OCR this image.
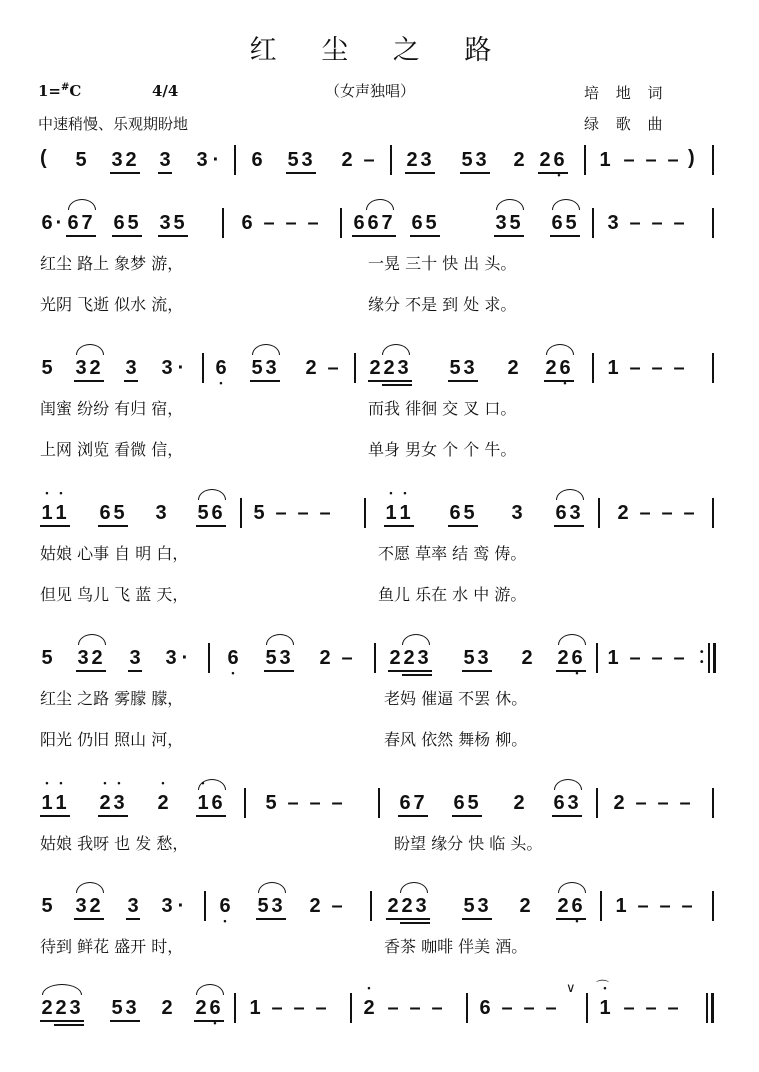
红 尘 之 路
1=#C	4/4	（女声独唱）	培 地 词
中速稍慢、乐观期盼地	绿 歌 曲
( 5 3 2 3 3 · 6 5 3 2 – 2 3 5 3 2 2 6 • 1 – – – )
6 · 6 7 6 5 3 5	6 – – – 6 6 7 6 5	3 5 6 5 3 – – –
红尘 路上 象梦 游，	一晃 三十 快 出 头。
光阴 飞逝 似水 流，	缘分 不是 到 处 求。
5 3 2 3 3 · 6 • 5 3 2 – 2 2 3 5 3 2 2 6 • 1 – – –
闺蜜 纷纷 有归 宿，	而我 徘徊 交 叉 口。
上网 浏览 看微 信，	单身 男女 个 个 牛。
• 1 • 1 6 5 3 5 6 5 – – –	• 1 • 1 6 5 3 6 3 2 – – –
姑娘 心事 自 明 白，	不愿 草率 结 鸾 俦。
但见 鸟儿 飞 蓝 天，	鱼儿 乐在 水 中 游。
5 3 2 3 3 · 6 • 5 3 2 – 2 2 3 5 3 2 2 6 • 1 – – – •
•
红尘 之路 雾朦 朦，	老妈 催逼 不罢 休。
阳光 仍旧 照山 河，	春风 依然 舞杨 柳。
• 1 • 1 • 2 • 3 • 2 • 1 6 5 – – –	6 7 6 5 2 6 3 2 – – –
姑娘 我呀 也 发 愁，	盼望 缘分 快 临 头。
5 3 2 3 3 · 6 • 5 3 2 – 2 2 3 5 3 2 2 6 • 1 – – –
待到 鲜花 盛开 时，	香茶 咖啡 伴美 酒。
2 2 3 5 3 2 2 6 • 1 – – – • 2 – – – 6 – – –
∨
• 1
⌒
– – –
